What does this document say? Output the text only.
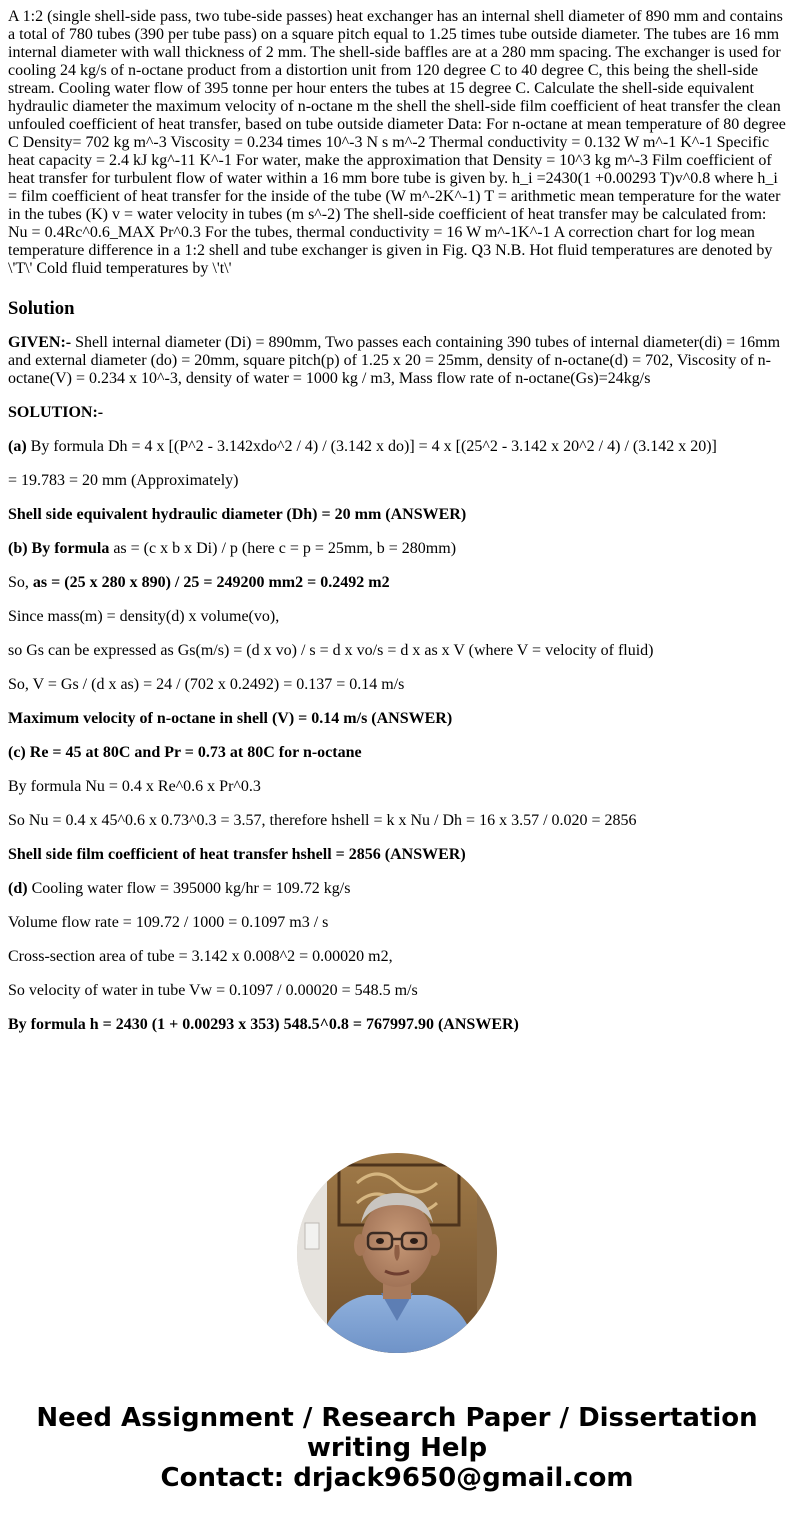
A 1:2 (single shell-side pass, two tube-side passes) heat exchanger has an internal shell diameter of 890 mm and contains a total of 780 tubes (390 per tube pass) on a square pitch equal to 1.25 times tube outside diameter. The tubes are 16 mm internal diameter with wall thickness of 2 mm. The shell-side baffles are at a 280 mm spacing. The exchanger is used for cooling 24 kg/s of n-octane product from a distortion unit from 120 degree C to 40 degree C, this being the shell-side stream. Cooling water flow of 395 tonne per hour enters the tubes at 15 degree C. Calculate the shell-side equivalent hydraulic diameter the maximum velocity of n-octane m the shell the shell-side film coefficient of heat transfer the clean unfouled coefficient of heat transfer, based on tube outside diameter Data: For n-octane at mean temperature of 80 degree C Density= 702 kg m^-3 Viscosity = 0.234 times 10^-3 N s m^-2 Thermal conductivity = 0.132 W m^-1 K^-1 Specific heat capacity = 2.4 kJ kg^-11 K^-1 For water, make the approximation that Density = 10^3 kg m^-3 Film coefficient of heat transfer for turbulent flow of water within a 16 mm bore tube is given by. h_i =2430(1 +0.00293 T)v^0.8 where h_i = film coefficient of heat transfer for the inside of the tube (W m^-2K^-1) T = arithmetic mean temperature for the water in the tubes (K) v = water velocity in tubes (m s^-2) The shell-side coefficient of heat transfer may be calculated from: Nu = 0.4Rc^0.6_MAX Pr^0.3 For the tubes, thermal conductivity = 16 W m^-1K^-1 A correction chart for log mean temperature difference in a 1:2 shell and tube exchanger is given in Fig. Q3 N.B. Hot fluid temperatures are denoted by \'T\' Cold fluid temperatures by \'t\'

Solution

GIVEN:- Shell internal diameter (Di) = 890mm, Two passes each containing 390 tubes of internal diameter(di) = 16mm and external diameter (do) = 20mm, square pitch(p) of 1.25 x 20 = 25mm, density of n-octane(d) = 702, Viscosity of n-octane(V) = 0.234 x 10^-3, density of water = 1000 kg / m3, Mass flow rate of n-octane(Gs)=24kg/s

SOLUTION:-

(a) By formula Dh = 4 x [(P^2 - 3.142xdo^2 / 4) / (3.142 x do)] = 4 x [(25^2 - 3.142 x 20^2 / 4) / (3.142 x 20)]

= 19.783 = 20 mm (Approximately)

Shell side equivalent hydraulic diameter (Dh) = 20 mm (ANSWER)

(b) By formula as = (c x b x Di) / p (here c = p = 25mm, b = 280mm)

So, as = (25 x 280 x 890) / 25 = 249200 mm2 = 0.2492 m2

Since mass(m) = density(d) x volume(vo),

so Gs can be expressed as Gs(m/s) = (d x vo) / s = d x vo/s = d x as x V (where V = velocity of fluid)

So, V = Gs / (d x as) = 24 / (702 x 0.2492) = 0.137 = 0.14 m/s

Maximum velocity of n-octane in shell (V) = 0.14 m/s (ANSWER)

(c) Re = 45 at 80C and Pr = 0.73 at 80C for n-octane

By formula Nu = 0.4 x Re^0.6 x Pr^0.3

So Nu = 0.4 x 45^0.6 x 0.73^0.3 = 3.57, therefore hshell = k x Nu / Dh = 16 x 3.57 / 0.020 = 2856

Shell side film coefficient of heat transfer hshell = 2856 (ANSWER)

(d) Cooling water flow = 395000 kg/hr = 109.72 kg/s

Volume flow rate = 109.72 / 1000 = 0.1097 m3 / s

Cross-section area of tube = 3.142 x 0.008^2 = 0.00020 m2,

So velocity of water in tube Vw = 0.1097 / 0.00020 = 548.5 m/s

By formula h = 2430 (1 + 0.00293 x 353) 548.5^0.8 = 767997.90 (ANSWER)

Need Assignment / Research Paper / Dissertation
writing Help
Contact: drjack9650@gmail.com
